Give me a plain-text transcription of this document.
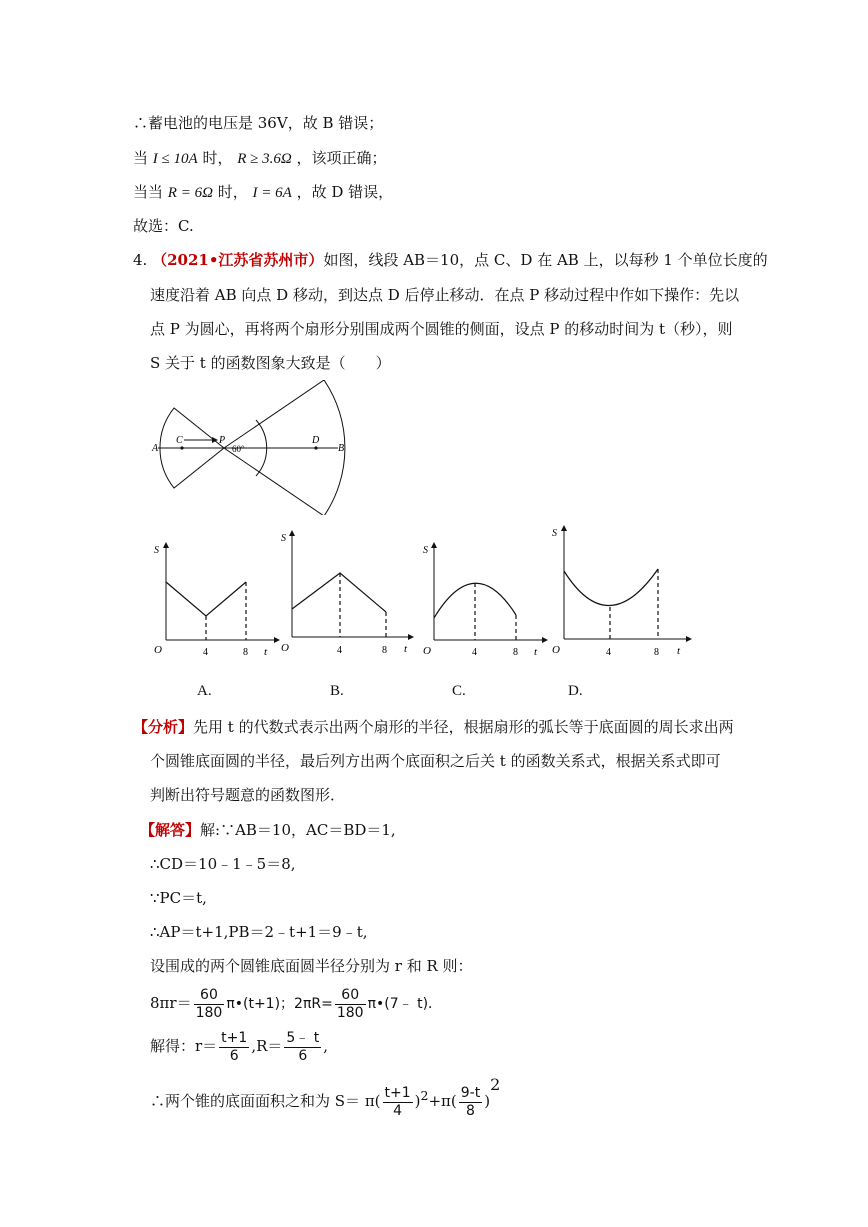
∴蓄电池的电压是 36V，故 B 错误；
当 I ≤ 10A 时， R ≥ 3.6Ω ，该项正确；
当当 R = 6Ω 时， I = 6A ，故 D 错误，
故选：C.
4. （2021•江苏省苏州市）如图，线段 AB＝10，点 C、D 在 AB 上，以每秒 1 个单位长度的
速度沿着 AB 向点 D 移动，到达点 D 后停止移动．在点 P 移动过程中作如下操作：先以
点 P 为圆心，再将两个扇形分别围成两个圆锥的侧面，设点 P 的移动时间为 t（秒），则
S 关于 t 的函数图象大致是（　　）
A
C	P
60°
D
B
S
O	4	8 t
S
O	4	8 t
S
O	4	8 t
S
O	4	8 t
A.	B.	C.	D.
【分析】先用 t 的代数式表示出两个扇形的半径，根据扇形的弧长等于底面圆的周长求出两
个圆锥底面圆的半径，最后列方出两个底面积之后关 t 的函数关系式，根据关系式即可
判断出符号题意的函数图形．
【解答】解:∵AB＝10，AC＝BD＝1,
∴CD＝10﹣1﹣5＝8,
∵PC＝t,
∴AP＝t+1,PB＝2﹣t+1＝9﹣t,
设围成的两个圆锥底面圆半径分别为 r 和 R 则：
$8\pi r= \frac{60}{180}$ π•(t+1)；$2\pi R= \frac{60}{180}$ π•(7﹣ t)．
解得：$r= \frac{t+1}{6} ,R= \frac{5﹣ t}{6}$ ,
∴两个锥的底面面积之和为 $S= \pi( \frac{t+1}{4} )^2+\pi( \frac{9-t}{8} )^2$
